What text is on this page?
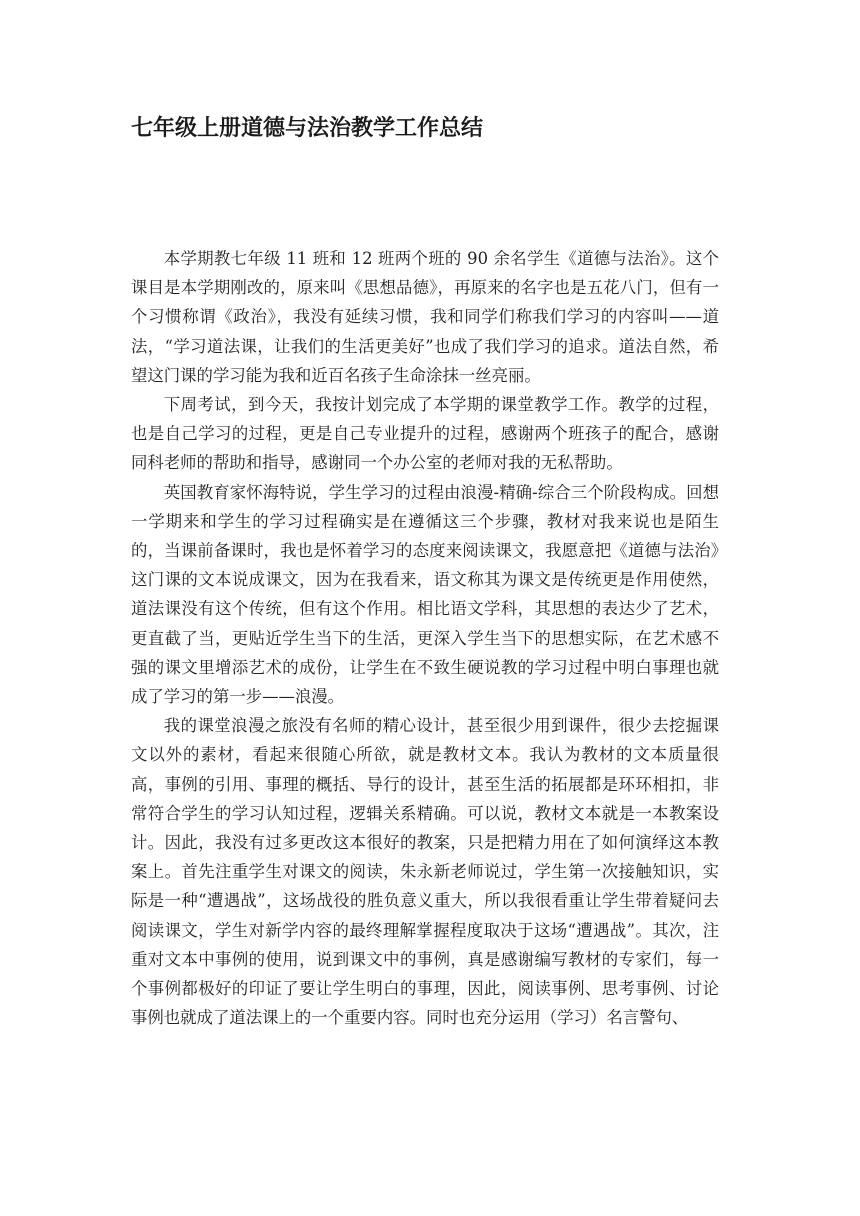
七年级上册道德与法治教学工作总结

本学期教七年级 11 班和 12 班两个班的 90 余名学生《道德与法治》。这个课目是本学期刚改的，原来叫《思想品德》，再原来的名字也是五花八门，但有一个习惯称谓《政治》，我没有延续习惯，我和同学们称我们学习的内容叫——道法，“学习道法课，让我们的生活更美好”也成了我们学习的追求。道法自然，希望这门课的学习能为我和近百名孩子生命涂抹一丝亮丽。

下周考试，到今天，我按计划完成了本学期的课堂教学工作。教学的过程，也是自己学习的过程，更是自己专业提升的过程，感谢两个班孩子的配合，感谢同科老师的帮助和指导，感谢同一个办公室的老师对我的无私帮助。

英国教育家怀海特说，学生学习的过程由浪漫-精确-综合三个阶段构成。回想一学期来和学生的学习过程确实是在遵循这三个步骤，教材对我来说也是陌生的，当课前备课时，我也是怀着学习的态度来阅读课文，我愿意把《道德与法治》这门课的文本说成课文，因为在我看来，语文称其为课文是传统更是作用使然，道法课没有这个传统，但有这个作用。相比语文学科，其思想的表达少了艺术，更直截了当，更贴近学生当下的生活，更深入学生当下的思想实际，在艺术感不强的课文里增添艺术的成份，让学生在不致生硬说教的学习过程中明白事理也就成了学习的第一步——浪漫。

我的课堂浪漫之旅没有名师的精心设计，甚至很少用到课件，很少去挖掘课文以外的素材，看起来很随心所欲，就是教材文本。我认为教材的文本质量很高，事例的引用、事理的概括、导行的设计，甚至生活的拓展都是环环相扣，非常符合学生的学习认知过程，逻辑关系精确。可以说，教材文本就是一本教案设计。因此，我没有过多更改这本很好的教案，只是把精力用在了如何演绎这本教案上。首先注重学生对课文的阅读，朱永新老师说过，学生第一次接触知识，实际是一种“遭遇战”，这场战役的胜负意义重大，所以我很看重让学生带着疑问去阅读课文，学生对新学内容的最终理解掌握程度取决于这场“遭遇战”。其次，注重对文本中事例的使用，说到课文中的事例，真是感谢编写教材的专家们，每一个事例都极好的印证了要让学生明白的事理，因此，阅读事例、思考事例、讨论事例也就成了道法课上的一个重要内容。同时也充分运用（学习）名言警句、
